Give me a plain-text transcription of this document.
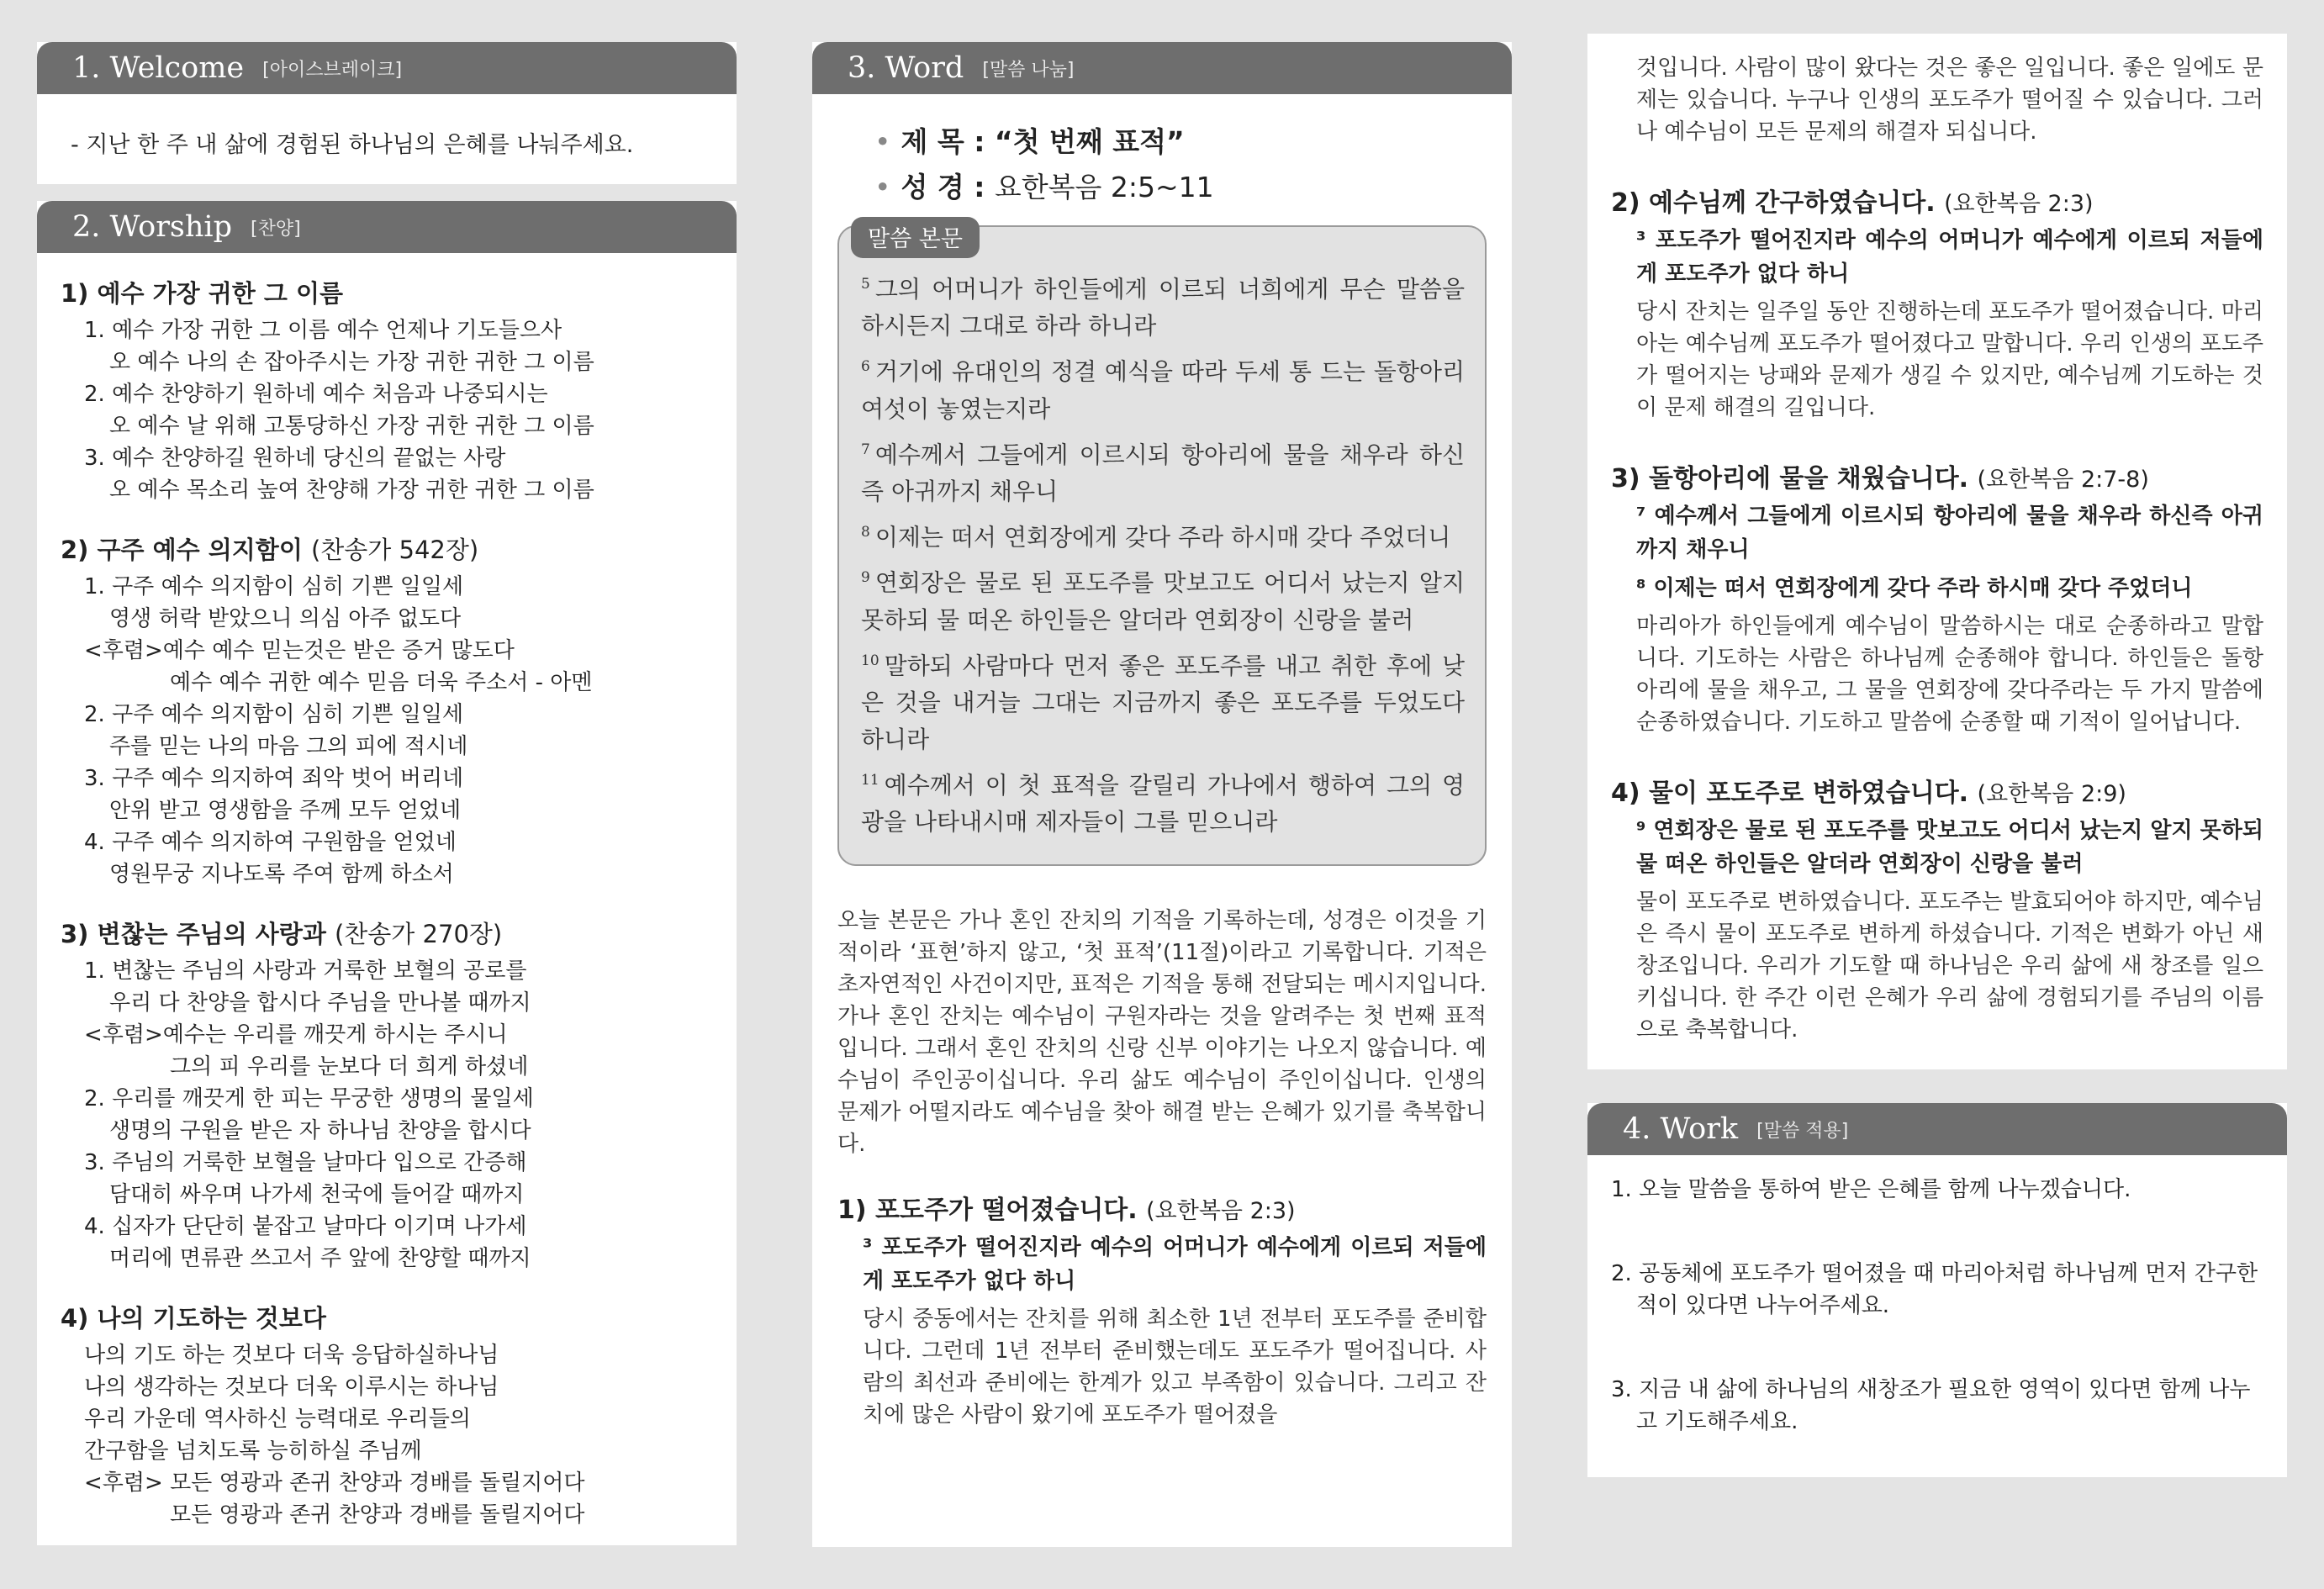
1. Welcome [아이스브레이크]
- 지난 한 주 내 삶에 경험된 하나님의 은혜를 나눠주세요.
2. Worship [찬양]
1) 예수 가장 귀한 그 이름
1. 예수 가장 귀한 그 이름 예수 언제나 기도들으사
오 예수 나의 손 잡아주시는 가장 귀한 귀한 그 이름
2. 예수 찬양하기 원하네 예수 처음과 나중되시는
오 예수 날 위해 고통당하신 가장 귀한 귀한 그 이름
3. 예수 찬양하길 원하네 당신의 끝없는 사랑
오 예수 목소리 높여 찬양해 가장 귀한 귀한 그 이름
2) 구주 예수 의지함이 (찬송가 542장)
1. 구주 예수 의지함이 심히 기쁜 일일세
영생 허락 받았으니 의심 아주 없도다
<후렴>예수 예수 믿는것은 받은 증거 많도다
예수 예수 귀한 예수 믿음 더욱 주소서 - 아멘
2. 구주 예수 의지함이 심히 기쁜 일일세
주를 믿는 나의 마음 그의 피에 적시네
3. 구주 예수 의지하여 죄악 벗어 버리네
안위 받고 영생함을 주께 모두 얻었네
4. 구주 예수 의지하여 구원함을 얻었네
영원무궁 지나도록 주여 함께 하소서
3) 변찮는 주님의 사랑과 (찬송가 270장)
1. 변찮는 주님의 사랑과 거룩한 보혈의 공로를
우리 다 찬양을 합시다 주님을 만나볼 때까지
<후렴>예수는 우리를 깨끗게 하시는 주시니
그의 피 우리를 눈보다 더 희게 하셨네
2. 우리를 깨끗게 한 피는 무궁한 생명의 물일세
생명의 구원을 받은 자 하나님 찬양을 합시다
3. 주님의 거룩한 보혈을 날마다 입으로 간증해
담대히 싸우며 나가세 천국에 들어갈 때까지
4. 십자가 단단히 붙잡고 날마다 이기며 나가세
머리에 면류관 쓰고서 주 앞에 찬양할 때까지
4) 나의 기도하는 것보다
나의 기도 하는 것보다 더욱 응답하실하나님
나의 생각하는 것보다 더욱 이루시는 하나님
우리 가운데 역사하신 능력대로 우리들의
간구함을 넘치도록 능히하실 주님께
<후렴> 모든 영광과 존귀 찬양과 경배를 돌릴지어다
모든 영광과 존귀 찬양과 경배를 돌릴지어다
3. Word [말씀 나눔]
• 제 목 : “첫 번째 표적”
• 성 경 : 요한복음 2:5~11
말씀 본문
$^5$ 그의 어머니가 하인들에게 이르되 너희에게 무슨 말씀을 하시든지 그대로 하라 하니라
$^6$ 거기에 유대인의 정결 예식을 따라 두세 통 드는 돌항아리 여섯이 놓였는지라
$^7$ 예수께서 그들에게 이르시되 항아리에 물을 채우라 하신즉 아귀까지 채우니
$^8$ 이제는 떠서 연회장에게 갖다 주라 하시매 갖다 주었더니
$^9$ 연회장은 물로 된 포도주를 맛보고도 어디서 났는지 알지 못하되 물 떠온 하인들은 알더라 연회장이 신랑을 불러
$^{10}$ 말하되 사람마다 먼저 좋은 포도주를 내고 취한 후에 낮은 것을 내거늘 그대는 지금까지 좋은 포도주를 두었도다 하니라
$^{11}$ 예수께서 이 첫 표적을 갈릴리 가나에서 행하여 그의 영광을 나타내시매 제자들이 그를 믿으니라
오늘 본문은 가나 혼인 잔치의 기적을 기록하는데, 성경은 이것을 기적이라 ‘표현’하지 않고, ‘첫 표적’(11절)이라고 기록합니다. 기적은 초자연적인 사건이지만, 표적은 기적을 통해 전달되는 메시지입니다. 가나 혼인 잔치는 예수님이 구원자라는 것을 알려주는 첫 번째 표적입니다. 그래서 혼인 잔치의 신랑 신부 이야기는 나오지 않습니다. 예수님이 주인공이십니다. 우리 삶도 예수님이 주인이십니다. 인생의 문제가 어떨지라도 예수님을 찾아 해결 받는 은혜가 있기를 축복합니다.
1) 포도주가 떨어졌습니다. (요한복음 2:3)
³ 포도주가 떨어진지라 예수의 어머니가 예수에게 이르되 저들에게 포도주가 없다 하니
당시 중동에서는 잔치를 위해 최소한 1년 전부터 포도주를 준비합니다. 그런데 1년 전부터 준비했는데도 포도주가 떨어집니다. 사람의 최선과 준비에는 한계가 있고 부족함이 있습니다. 그리고 잔치에 많은 사람이 왔기에 포도주가 떨어졌을
것입니다. 사람이 많이 왔다는 것은 좋은 일입니다. 좋은 일에도 문제는 있습니다. 누구나 인생의 포도주가 떨어질 수 있습니다. 그러나 예수님이 모든 문제의 해결자 되십니다.
2) 예수님께 간구하였습니다. (요한복음 2:3)
³ 포도주가 떨어진지라 예수의 어머니가 예수에게 이르되 저들에게 포도주가 없다 하니
당시 잔치는 일주일 동안 진행하는데 포도주가 떨어졌습니다. 마리아는 예수님께 포도주가 떨어졌다고 말합니다. 우리 인생의 포도주가 떨어지는 낭패와 문제가 생길 수 있지만, 예수님께 기도하는 것이 문제 해결의 길입니다.
3) 돌항아리에 물을 채웠습니다. (요한복음 2:7-8)
⁷ 예수께서 그들에게 이르시되 항아리에 물을 채우라 하신즉 아귀까지 채우니
⁸ 이제는 떠서 연회장에게 갖다 주라 하시매 갖다 주었더니
마리아가 하인들에게 예수님이 말씀하시는 대로 순종하라고 말합니다. 기도하는 사람은 하나님께 순종해야 합니다. 하인들은 돌항아리에 물을 채우고, 그 물을 연회장에 갖다주라는 두 가지 말씀에 순종하였습니다. 기도하고 말씀에 순종할 때 기적이 일어납니다.
4) 물이 포도주로 변하였습니다. (요한복음 2:9)
⁹ 연회장은 물로 된 포도주를 맛보고도 어디서 났는지 알지 못하되 물 떠온 하인들은 알더라 연회장이 신랑을 불러
물이 포도주로 변하였습니다. 포도주는 발효되어야 하지만, 예수님은 즉시 물이 포도주로 변하게 하셨습니다. 기적은 변화가 아닌 새 창조입니다. 우리가 기도할 때 하나님은 우리 삶에 새 창조를 일으키십니다. 한 주간 이런 은혜가 우리 삶에 경험되기를 주님의 이름으로 축복합니다.
4. Work [말씀 적용]
1. 오늘 말씀을 통하여 받은 은혜를 함께 나누겠습니다.
2. 공동체에 포도주가 떨어졌을 때 마리아처럼 하나님께 먼저 간구한 적이 있다면 나누어주세요.
3. 지금 내 삶에 하나님의 새창조가 필요한 영역이 있다면 함께 나누고 기도해주세요.
